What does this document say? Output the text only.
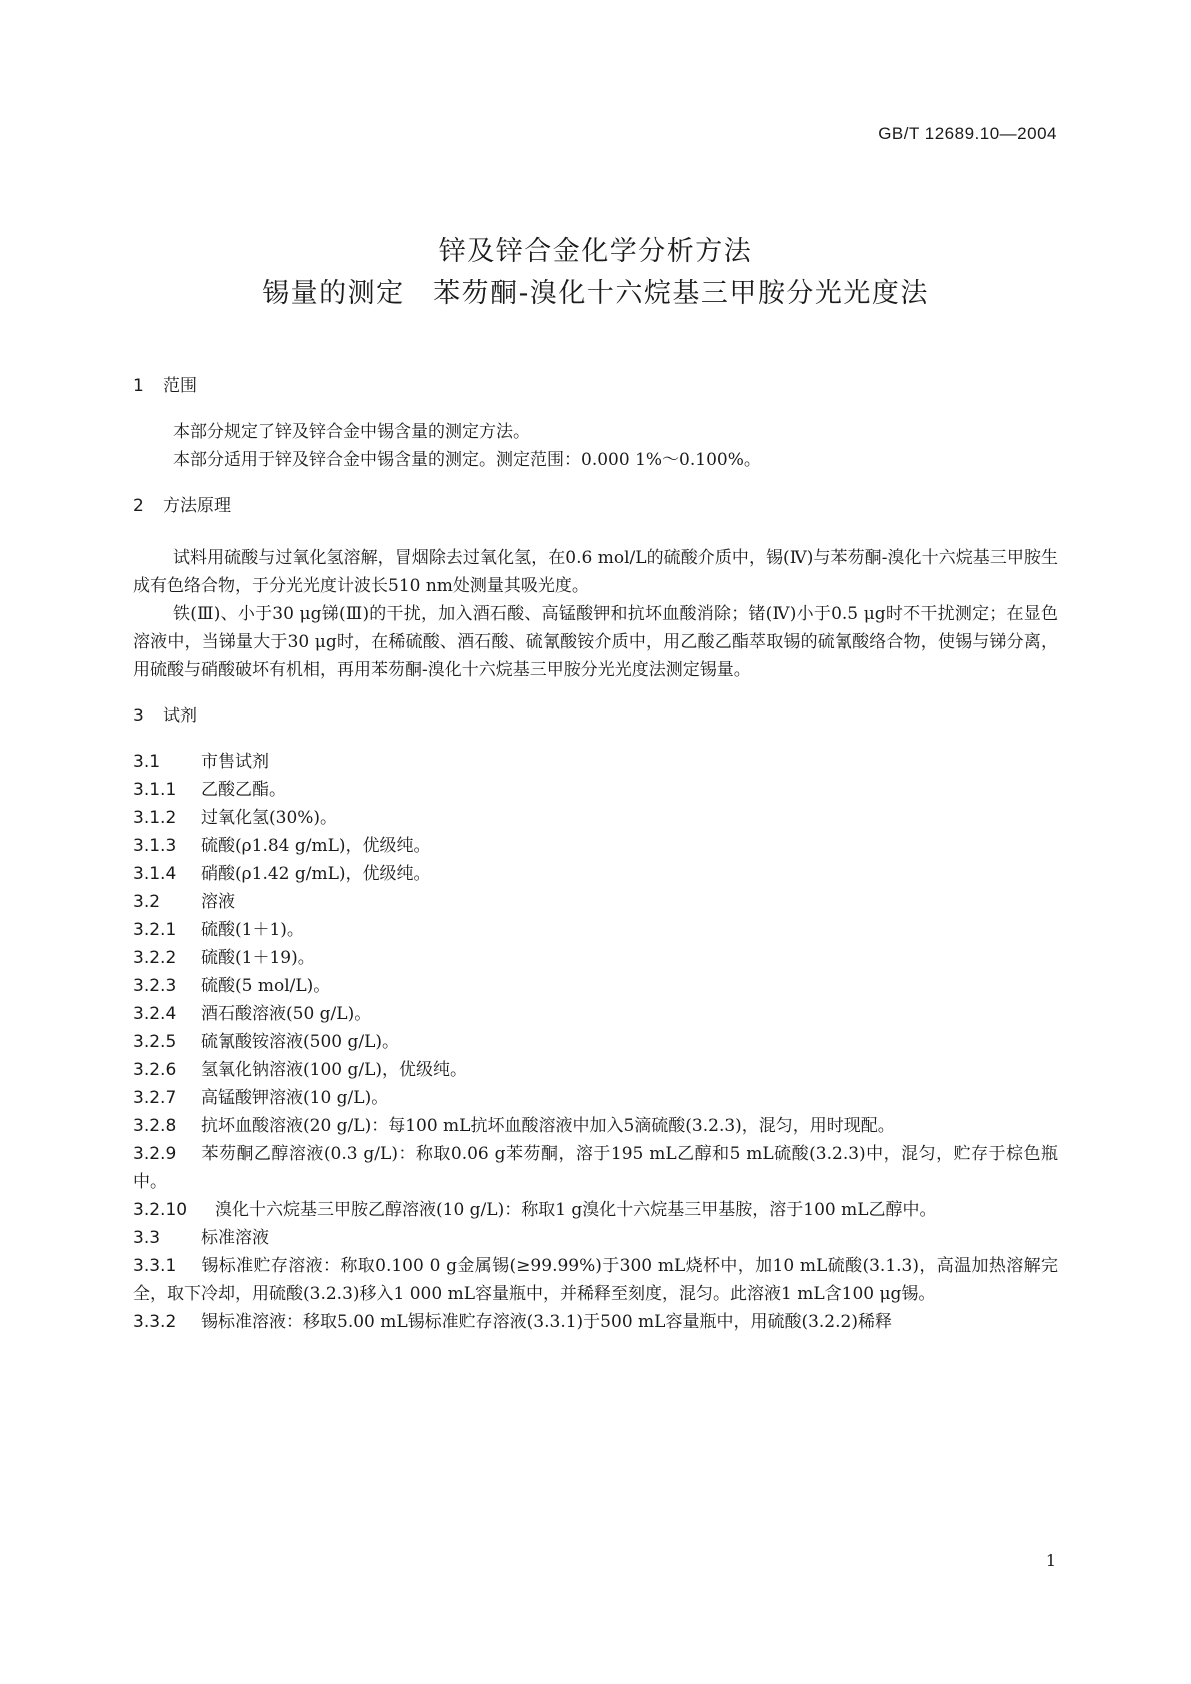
GB/T 12689.10—2004
锌及锌合金化学分析方法
锡量的测定　苯芴酮-溴化十六烷基三甲胺分光光度法

1 范围

本部分规定了锌及锌合金中锡含量的测定方法。

本部分适用于锌及锌合金中锡含量的测定。测定范围：0.000 1%～0.100%。

2 方法原理

试料用硫酸与过氧化氢溶解，冒烟除去过氧化氢，在0.6 mol/L的硫酸介质中，锡(Ⅳ)与苯芴酮-溴化十六烷基三甲胺生成有色络合物，于分光光度计波长510 nm处测量其吸光度。

铁(Ⅲ)、小于30 μg锑(Ⅲ)的干扰，加入酒石酸、高锰酸钾和抗坏血酸消除；锗(Ⅳ)小于0.5 μg时不干扰测定；在显色溶液中，当锑量大于30 μg时，在稀硫酸、酒石酸、硫氰酸铵介质中，用乙酸乙酯萃取锡的硫氰酸络合物，使锡与锑分离，用硫酸与硝酸破坏有机相，再用苯芴酮-溴化十六烷基三甲胺分光光度法测定锡量。

3 试剂

3.1 市售试剂

3.1.1 乙酸乙酯。

3.1.2 过氧化氢(30%)。

3.1.3 硫酸(ρ1.84 g/mL)，优级纯。

3.1.4 硝酸(ρ1.42 g/mL)，优级纯。

3.2 溶液

3.2.1 硫酸(1＋1)。

3.2.2 硫酸(1＋19)。

3.2.3 硫酸(5 mol/L)。

3.2.4 酒石酸溶液(50 g/L)。

3.2.5 硫氰酸铵溶液(500 g/L)。

3.2.6 氢氧化钠溶液(100 g/L)，优级纯。

3.2.7 高锰酸钾溶液(10 g/L)。

3.2.8 抗坏血酸溶液(20 g/L)：每100 mL抗坏血酸溶液中加入5滴硫酸(3.2.3)，混匀，用时现配。

3.2.9 苯芴酮乙醇溶液(0.3 g/L)：称取0.06 g苯芴酮，溶于195 mL乙醇和5 mL硫酸(3.2.3)中，混匀，贮存于棕色瓶中。

3.2.10 溴化十六烷基三甲胺乙醇溶液(10 g/L)：称取1 g溴化十六烷基三甲基胺，溶于100 mL乙醇中。

3.3 标准溶液

3.3.1 锡标准贮存溶液：称取0.100 0 g金属锡(≥99.99%)于300 mL烧杯中，加10 mL硫酸(3.1.3)，高温加热溶解完全，取下冷却，用硫酸(3.2.3)移入1 000 mL容量瓶中，并稀释至刻度，混匀。此溶液1 mL含100 μg锡。

3.3.2 锡标准溶液：移取5.00 mL锡标准贮存溶液(3.3.1)于500 mL容量瓶中，用硫酸(3.2.2)稀释

1
